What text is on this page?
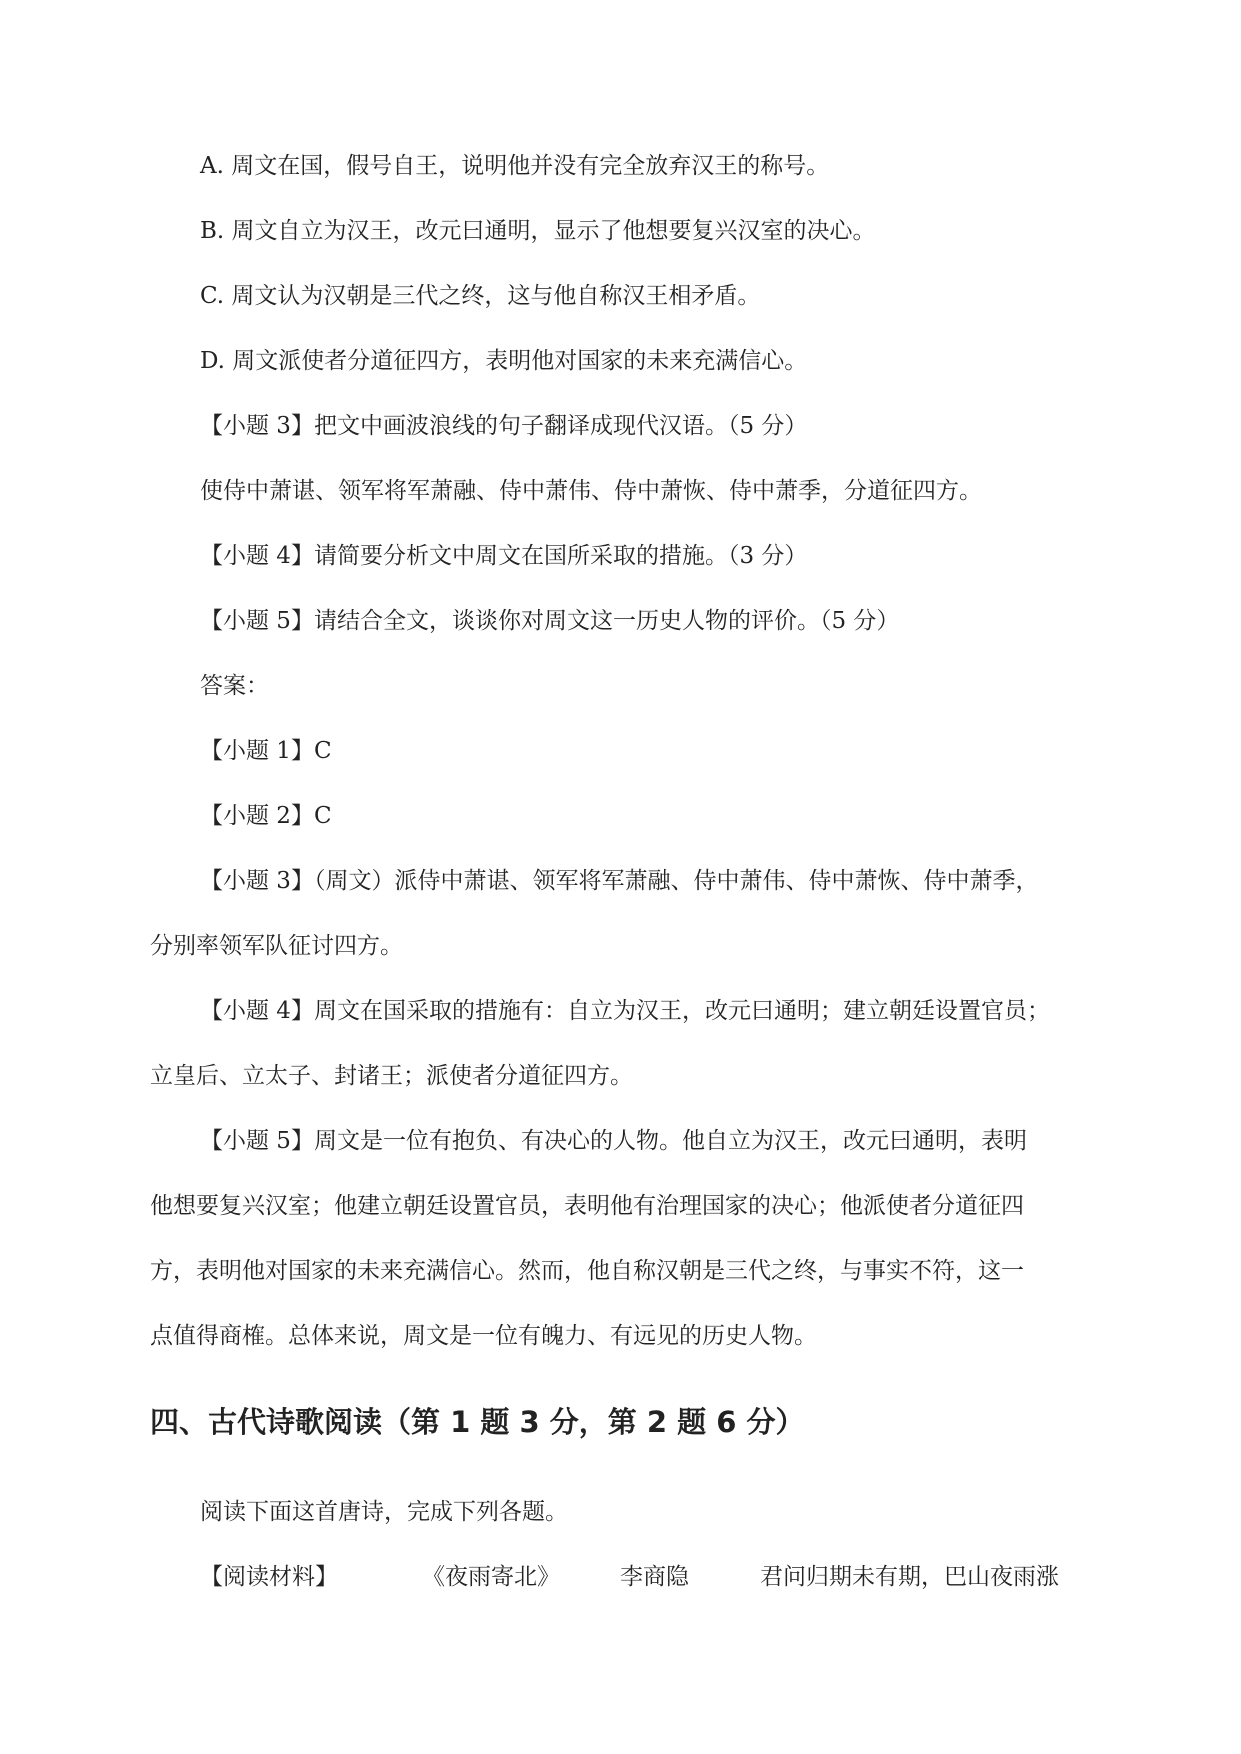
A. 周文在国，假号自王，说明他并没有完全放弃汉王的称号。
B. 周文自立为汉王，改元曰通明，显示了他想要复兴汉室的决心。
C. 周文认为汉朝是三代之终，这与他自称汉王相矛盾。
D. 周文派使者分道征四方，表明他对国家的未来充满信心。
【小题 3】把文中画波浪线的句子翻译成现代汉语。（5 分）
使侍中萧谌、领军将军萧融、侍中萧伟、侍中萧恢、侍中萧季，分道征四方。
【小题 4】请简要分析文中周文在国所采取的措施。（3 分）
【小题 5】请结合全文，谈谈你对周文这一历史人物的评价。（5 分）
答案：
【小题 1】C
【小题 2】C
【小题 3】（周文）派侍中萧谌、领军将军萧融、侍中萧伟、侍中萧恢、侍中萧季，
分别率领军队征讨四方。
【小题 4】周文在国采取的措施有：自立为汉王，改元曰通明；建立朝廷设置官员；
立皇后、立太子、封诸王；派使者分道征四方。
【小题 5】周文是一位有抱负、有决心的人物。他自立为汉王，改元曰通明，表明
他想要复兴汉室；他建立朝廷设置官员，表明他有治理国家的决心；他派使者分道征四
方，表明他对国家的未来充满信心。然而，他自称汉朝是三代之终，与事实不符，这一
点值得商榷。总体来说，周文是一位有魄力、有远见的历史人物。
四、古代诗歌阅读（第 1 题 3 分，第 2 题 6 分）
阅读下面这首唐诗，完成下列各题。
【阅读材料】	《夜雨寄北》	李商隐	君问归期未有期，巴山夜雨涨
